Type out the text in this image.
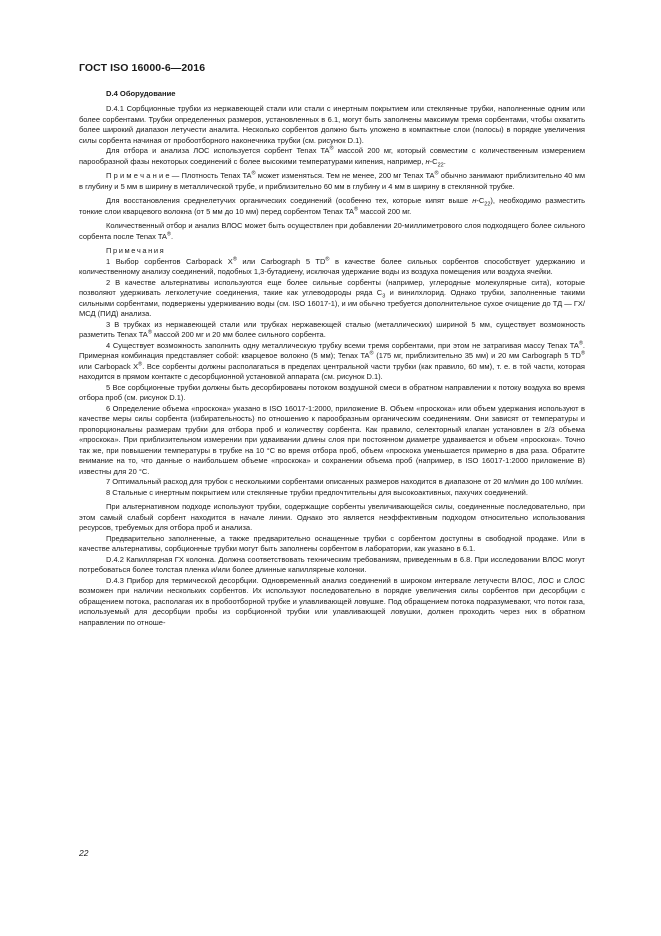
ГОСТ ISO 16000-6—2016
D.4 Оборудование

D.4.1 Сорбционные трубки из нержавеющей стали или стали с инертным покрытием или стеклянные трубки, наполненные одним или более сорбентами. Трубки определенных размеров, установленных в 6.1, могут быть заполнены максимум тремя сорбентами, чтобы охватить более широкий диапазон летучести аналита. Несколько сорбентов должно быть уложено в компактные слои (полосы) в порядке увеличения силы сорбента начиная от пробоотборного наконечника трубки (см. рисунок D.1).

Для отбора и анализа ЛОС используется сорбент Tenax TA® массой 200 мг, который совместим с количественным измерением парообразной фазы некоторых соединений с более высокими температурами кипения, например, $н-C_{22}$.

П р и м е ч а н и е — Плотность Tenax TA® может изменяться. Тем не менее, 200 мг Tenax TA® обычно занимают приблизительно 40 мм в глубину и 5 мм в ширину в металлической трубе, и приблизительно 60 мм в глубину и 4 мм в ширину в стеклянной трубке.

Для восстановления среднелетучих органических соединений (особенно тех, которые кипят выше $н-C_{22}$), необходимо разместить тонкие слои кварцевого волокна (от 5 мм до 10 мм) перед сорбентом Tenax TA® массой 200 мг.

Количественный отбор и анализ ВЛОС может быть осуществлен при добавлении 20-миллиметрового слоя подходящего более сильного сорбента после Tenax TA®.

Примечания

1 Выбор сорбентов Carbopack X® или Carbograph 5 TD® в качестве более сильных сорбентов способствует удержанию и количественному анализу соединений, подобных 1,3-бутадиену, исключая удержание воды из воздуха помещения или воздуха ячейки.

2 В качестве альтернативы используются еще более сильные сорбенты (например, углеродные молекулярные сита), которые позволяют удерживать легколетучие соединения, такие как углеводороды ряда $C_3$ и винилхлорид. Однако трубки, заполненные такими сильными сорбентами, подвержены удерживанию воды (см. ISO 16017-1), и им обычно требуется дополнительное сухое очищение до ТД — ГХ/МСД (ПИД) анализа.

3 В трубках из нержавеющей стали или трубках нержавеющей сталью (металлических) шириной 5 мм, существует возможность разметить Tenax TA® массой 200 мг и 20 мм более сильного сорбента.

4 Существует возможность заполнить одну металлическую трубку всеми тремя сорбентами, при этом не затрагивая массу Tenax TA®. Примерная комбинация представляет собой: кварцевое волокно (5 мм); Tenax TA® (175 мг, приблизительно 35 мм) и 20 мм Carbograph 5 TD® или Carbopack X®. Все сорбенты должны располагаться в пределах центральной части трубки (как правило, 60 мм), т. е. в той части, которая находится в прямом контакте с десорбционной установкой аппарата (см. рисунок D.1).

5 Все сорбционные трубки должны быть десорбированы потоком воздушной смеси в обратном направлении к потоку воздуха во время отбора проб (см. рисунок D.1).

6 Определение объема «проскока» указано в ISO 16017-1:2000, приложение B. Объем «проскока» или объем удержания используют в качестве меры силы сорбента (избирательность) по отношению к парообразным органическим соединениям. Они зависят от температуры и пропорциональны размерам трубки для отбора проб и количеству сорбента. Как правило, селекторный клапан установлен в 2/3 объема «проскока». При приблизительном измерении при удваивании длины слоя при постоянном диаметре удваивается и объем «проскока». Точно так же, при повышении температуры в трубке на 10 °C во время отбора проб, объем «проскока уменьшается примерно в два раза. Обратите внимание на то, что данные о наибольшем объеме «проскока» и сохранении объема проб (например, в ISO 16017-1:2000 приложение B) известны для 20 °C.

7 Оптимальный расход для трубок с несколькими сорбентами описанных размеров находится в диапазоне от 20 мл/мин до 100 мл/мин.

8 Стальные с инертным покрытием или стеклянные трубки предпочтительны для высокоактивных, пахучих соединений.

При альтернативном подходе используют трубки, содержащие сорбенты увеличивающейся силы, соединенные последовательно, при этом самый слабый сорбент находится в начале линии. Однако это является неэффективным подходом относительно использования ресурсов, требуемых для отбора проб и анализа.

Предварительно заполненные, а также предварительно оснащенные трубки с сорбентом доступны в свободной продаже. Или в качестве альтернативы, сорбционные трубки могут быть заполнены сорбентом в лаборатории, как указано в 6.1.

D.4.2 Капиллярная ГХ колонка. Должна соответствовать техническим требованиям, приведенным в 6.8. При исследовании ВЛОС могут потребоваться более толстая пленка и/или более длинные капиллярные колонки.

D.4.3 Прибор для термической десорбции. Одновременный анализ соединений в широком интервале летучести ВЛОС, ЛОС и СЛОС возможен при наличии нескольких сорбентов. Их используют последовательно в порядке увеличения силы сорбентов при десорбции с обращением потока, располагая их в пробоотборной трубке и улавливающей ловушке. Под обращением потока подразумевают, что поток газа, используемый для десорбции пробы из сорбционной трубки или улавливающей ловушки, должен проходить через них в обратном направлении по отноше-

22
